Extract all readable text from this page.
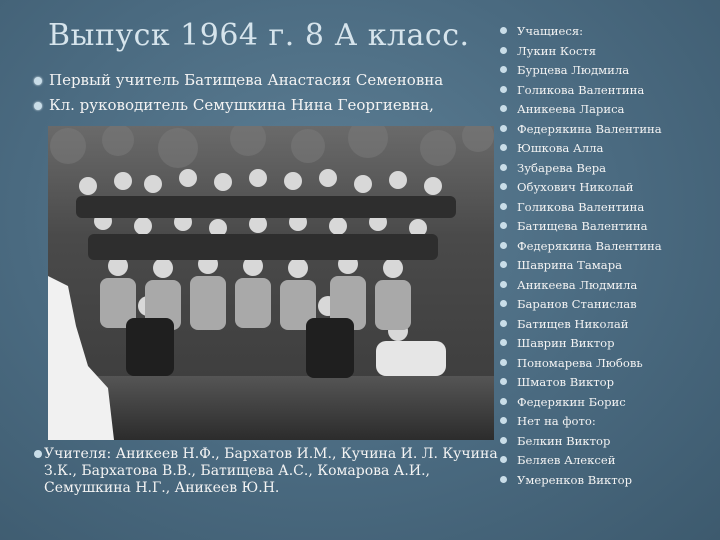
Выпуск 1964 г. 8 А класс.
Первый учитель Батищева Анастасия Семеновна
Кл. руководитель Семушкина Нина Георгиевна,
Учителя: Аникеев Н.Ф., Бархатов И.М., Кучина И. Л. Кучина З.К., Бархатова В.В., Батищева А.С., Комарова А.И., Семушкина Н.Г., Аникеев Ю.Н.
Учащиеся:
Лукин Костя
Бурцева Людмила
Голикова Валентина
Аникеева Лариса
Федерякина Валентина
Юшкова Алла
Зубарева Вера
Обухович Николай
Голикова Валентина
Батищева Валентина
Федерякина Валентина
Шаврина Тамара
Аникеева Людмила
Баранов Станислав
Батищев Николай
Шаврин Виктор
Пономарева Любовь
Шматов Виктор
Федерякин Борис
Нет на фото:
Белкин Виктор
Беляев Алексей
Умеренков Виктор
